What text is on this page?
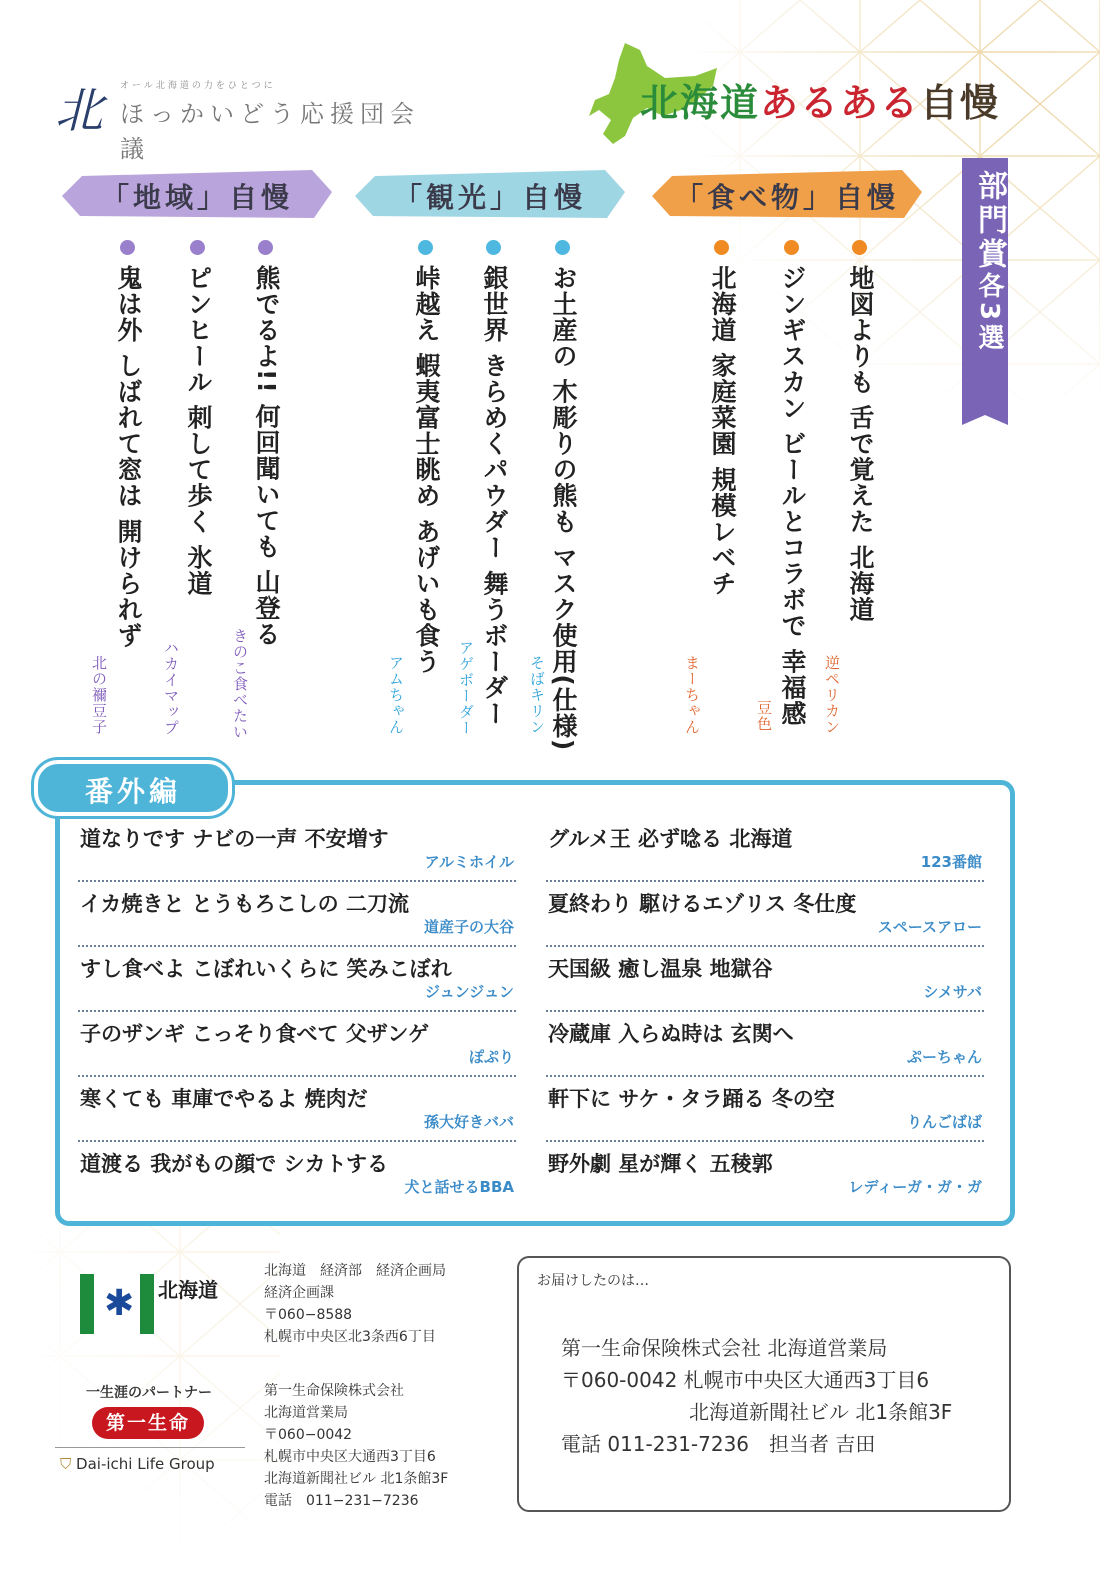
北 オール北海道の力をひとつに
ほっかいどう応援団会議
北海道あるある自慢
部門賞各3選
「地域」自慢	「観光」自慢	「食べ物」自慢
地図よりも 舌で覚えた 北海道
逆ペリカン
ジンギスカン ビールとコラボで 幸福感
豆色
北海道 家庭菜園 規模レベチ
まーちゃん
お土産の 木彫りの熊も マスク使用(仕様)
そばキリン
銀世界 きらめくパウダー 舞うボーダー
アゲボーダー
峠越え 蝦夷富士眺め あげいも食う
アムちゃん
熊でるよ!! 何回聞いても 山登る
きのこ食べたい
ピンヒール 刺して歩く 氷道
ハカイマップ
鬼は外 しばれて窓は 開けられず
北の禰豆子
番外編
道なりです ナビの一声 不安増す
アルミホイル
イカ焼きと とうもろこしの 二刀流
道産子の大谷
すし食べよ こぼれいくらに 笑みこぼれ
ジュンジュン
子のザンギ こっそり食べて 父ザンゲ
ぽぷり
寒くても 車庫でやるよ 焼肉だ
孫大好きババ
道渡る 我がもの顔で シカトする
犬と話せるBBA
グルメ王 必ず唸る 北海道
123番館
夏終わり 駆けるエゾリス 冬仕度
スペースアロー
天国級 癒し温泉 地獄谷
シメサバ
冷蔵庫 入らぬ時は 玄関へ
ぷーちゃん
軒下に サケ・タラ踊る 冬の空
りんごばば
野外劇 星が輝く 五稜郭
レディーガ・ガ・ガ
✱ 北海道
北海道　経済部　経済企画局
経済企画課
〒060−8588
札幌市中央区北3条西6丁目
一生涯のパートナー
第一生命
⛉ Dai-ichi Life Group
第一生命保険株式会社
北海道営業局
〒060−0042
札幌市中央区大通西3丁目6
北海道新聞社ビル 北1条館3F
電話　011−231−7236
お届けしたのは…
第一生命保険株式会社 北海道営業局
〒060-0042 札幌市中央区大通西3丁目6
北海道新聞社ビル 北1条館3F
電話 011-231-7236　担当者 吉田
